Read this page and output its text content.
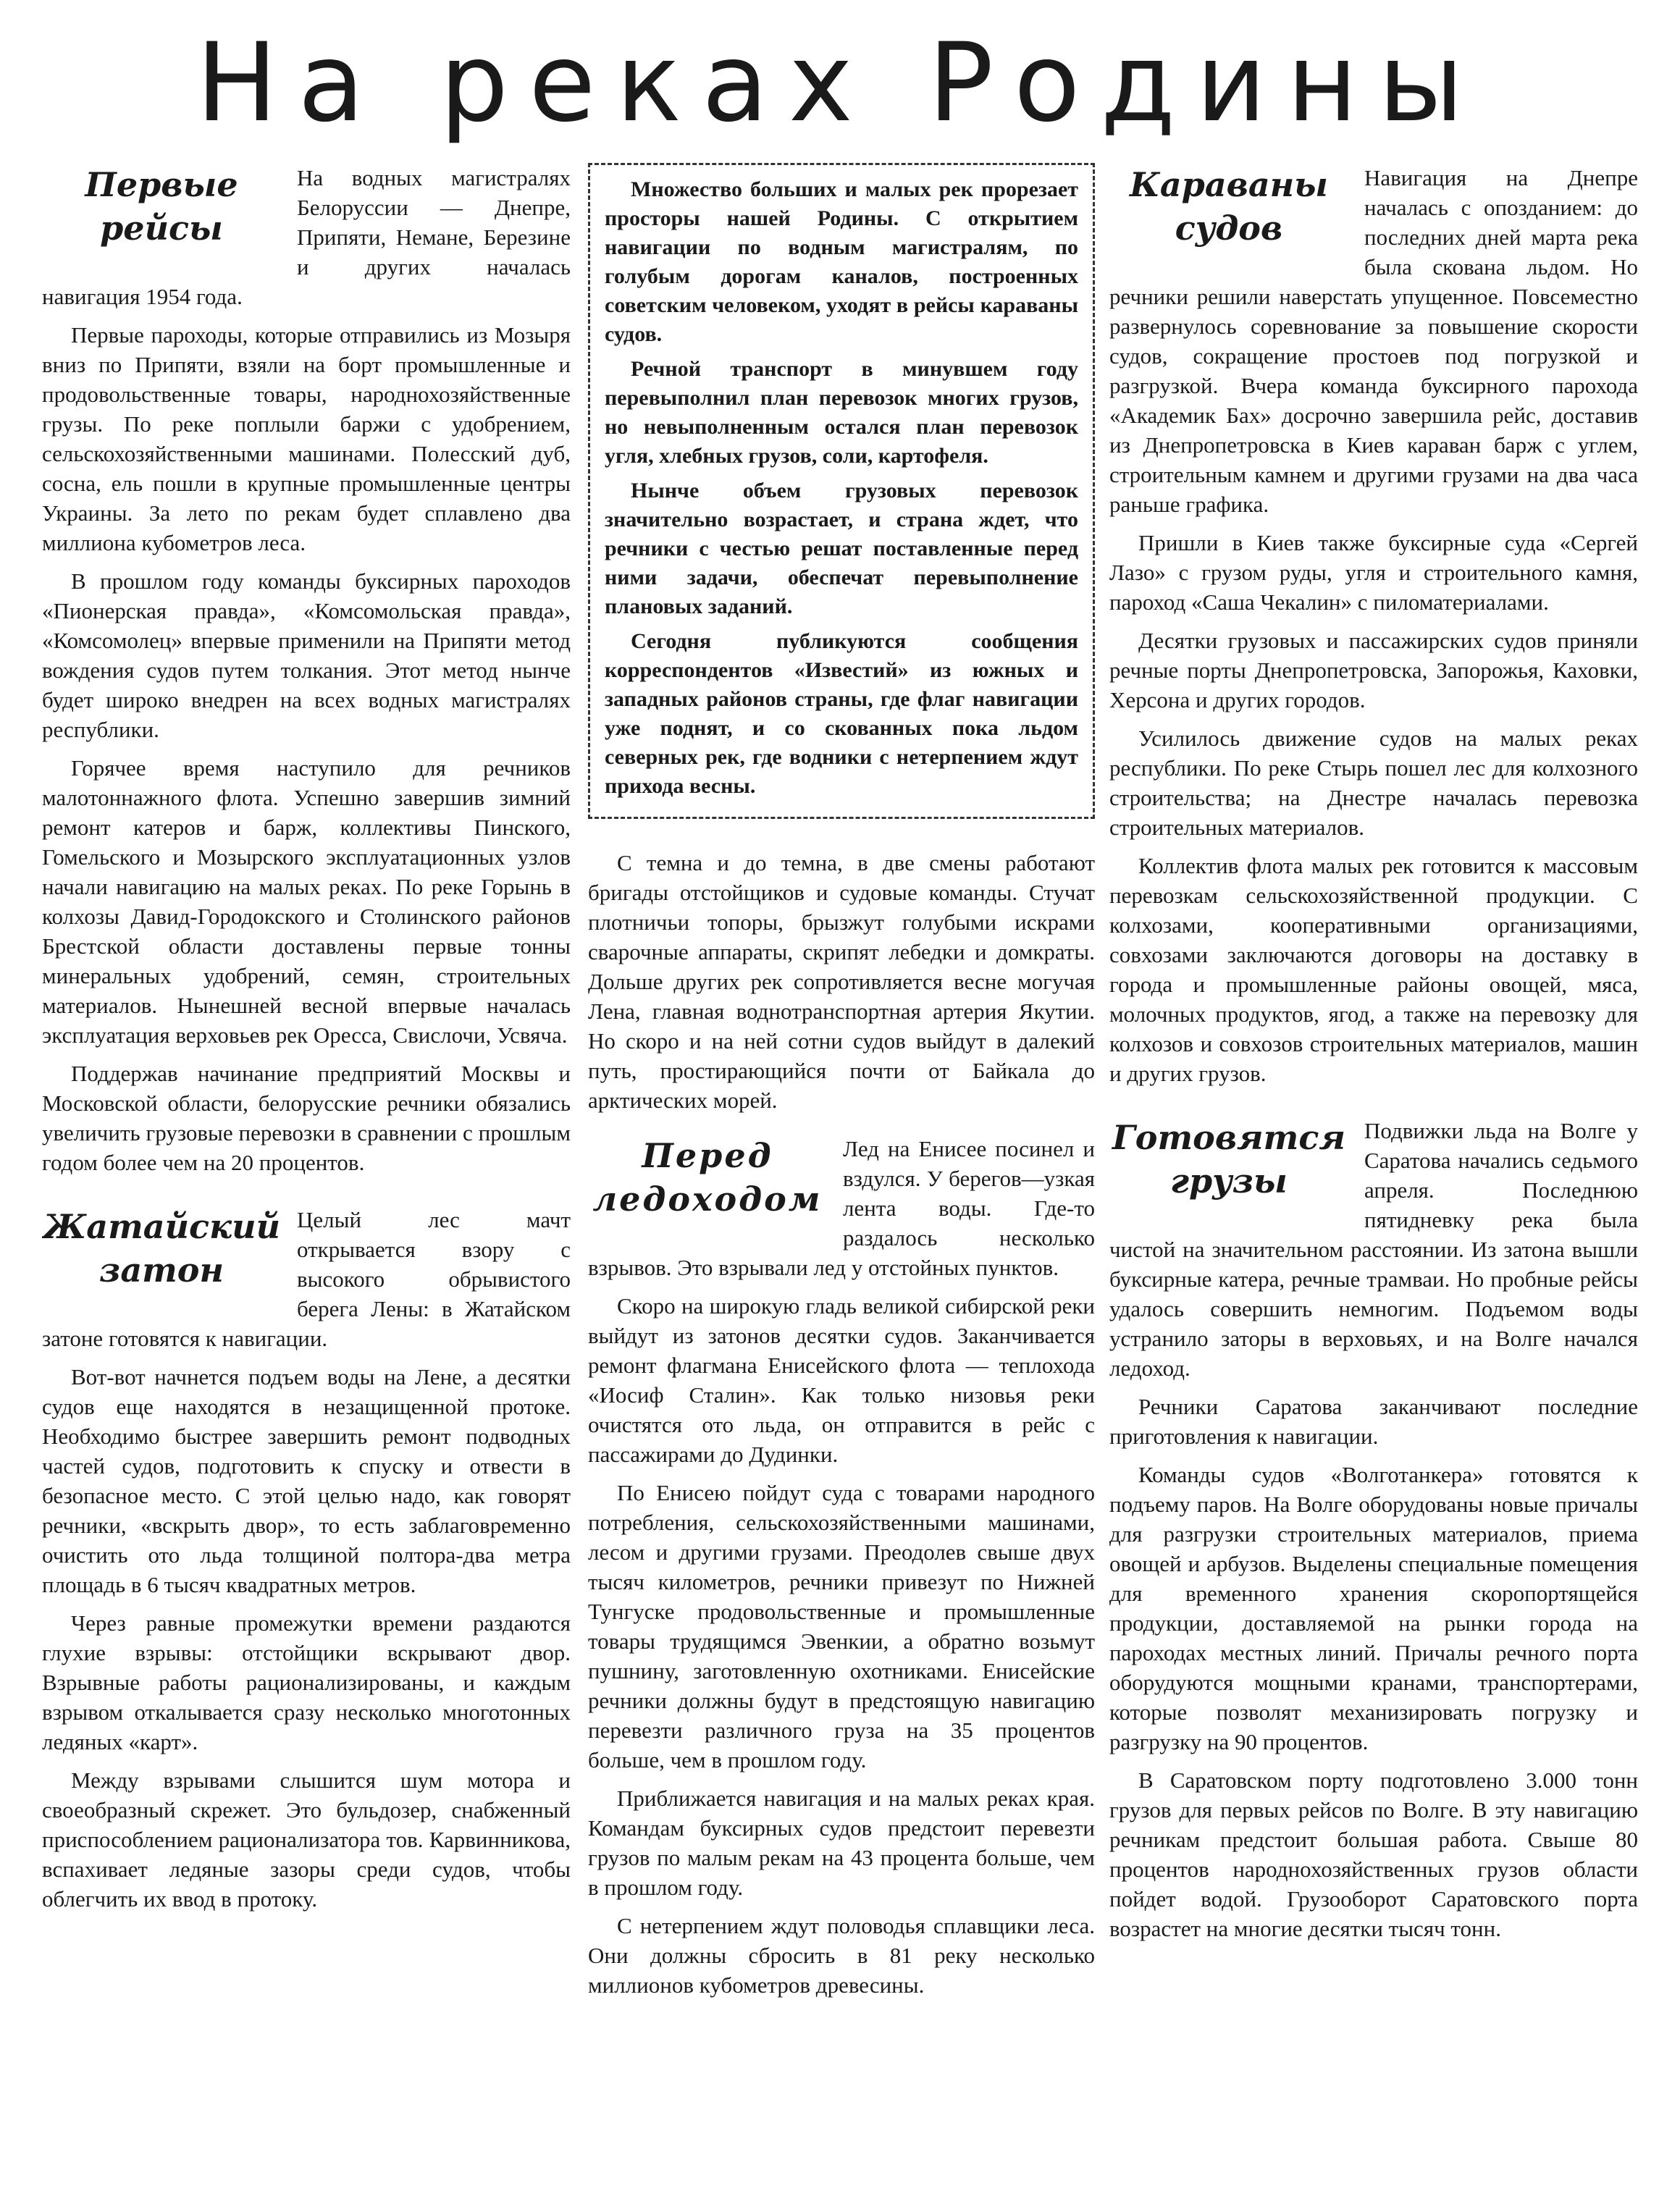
На реках Родины
Первые рейсы

На водных магистралях Белоруссии — Днепре, Припяти, Немане, Березине и других началась навигация 1954 года.

Первые пароходы, которые отправились из Мозыря вниз по Припяти, взяли на борт промышленные и продовольственные товары, народнохозяйственные грузы. По реке поплыли баржи с удобрением, сельскохозяйственными машинами. Полесский дуб, сосна, ель пошли в крупные промышленные центры Украины. За лето по рекам будет сплавлено два миллиона кубометров леса.

В прошлом году команды буксирных пароходов «Пионерская правда», «Комсомольская правда», «Комсомолец» впервые применили на Припяти метод вождения судов путем толкания. Этот метод нынче будет широко внедрен на всех водных магистралях республики.

Горячее время наступило для речников малотоннажного флота. Успешно завершив зимний ремонт катеров и барж, коллективы Пинского, Гомельского и Мозырского эксплуатационных узлов начали навигацию на малых реках. По реке Горынь в колхозы Давид-Городокского и Столинского районов Брестской области доставлены первые тонны минеральных удобрений, семян, строительных материалов. Нынешней весной впервые началась эксплуатация верховьев рек Оресса, Свислочи, Усвяча.

Поддержав начинание предприятий Москвы и Московской области, белорусские речники обязались увеличить грузовые перевозки в сравнении с прошлым годом более чем на 20 процентов.

Жатайский затон

Целый лес мачт открывается взору с высокого обрывистого берега Лены: в Жатайском затоне готовятся к навигации.

Вот-вот начнется подъем воды на Лене, а десятки судов еще находятся в незащищенной протоке. Необходимо быстрее завершить ремонт подводных частей судов, подготовить к спуску и отвести в безопасное место. С этой целью надо, как говорят речники, «вскрыть двор», то есть заблаговременно очистить ото льда толщиной полтора-два метра площадь в 6 тысяч квадратных метров.

Через равные промежутки времени раздаются глухие взрывы: отстойщики вскрывают двор. Взрывные работы рационализированы, и каждым взрывом откалывается сразу несколько многотонных ледяных «карт».

Между взрывами слышится шум мотора и своеобразный скрежет. Это бульдозер, снабженный приспособлением рационализатора тов. Карвинникова, вспахивает ледяные зазоры среди судов, чтобы облегчить их ввод в протоку.

Множество больших и малых рек прорезает просторы нашей Родины. С открытием навигации по водным магистралям, по голубым дорогам каналов, построенных советским человеком, уходят в рейсы караваны судов.

Речной транспорт в минувшем году перевыполнил план перевозок многих грузов, но невыполненным остался план перевозок угля, хлебных грузов, соли, картофеля.

Нынче объем грузовых перевозок значительно возрастает, и страна ждет, что речники с честью решат поставленные перед ними задачи, обеспечат перевыполнение плановых заданий.

Сегодня публикуются сообщения корреспондентов «Известий» из южных и западных районов страны, где флаг навигации уже поднят, и со скованных пока льдом северных рек, где водники с нетерпением ждут прихода весны.

С темна и до темна, в две смены работают бригады отстойщиков и судовые команды. Стучат плотничьи топоры, брызжут голубыми искрами сварочные аппараты, скрипят лебедки и домкраты. Дольше других рек сопротивляется весне могучая Лена, главная воднотранспортная артерия Якутии. Но скоро и на ней сотни судов выйдут в далекий путь, простирающийся почти от Байкала до арктических морей.

Перед ледоходом

Лед на Енисее посинел и вздулся. У берегов—узкая лента воды. Где-то раздалось несколько взрывов. Это взрывали лед у отстойных пунктов.

Скоро на широкую гладь великой сибирской реки выйдут из затонов десятки судов. Заканчивается ремонт флагмана Енисейского флота — теплохода «Иосиф Сталин». Как только низовья реки очистятся ото льда, он отправится в рейс с пассажирами до Дудинки.

По Енисею пойдут суда с товарами народного потребления, сельскохозяйственными машинами, лесом и другими грузами. Преодолев свыше двух тысяч километров, речники привезут по Нижней Тунгуске продовольственные и промышленные товары трудящимся Эвенкии, а обратно возьмут пушнину, заготовленную охотниками. Енисейские речники должны будут в предстоящую навигацию перевезти различного груза на 35 процентов больше, чем в прошлом году.

Приближается навигация и на малых реках края. Командам буксирных судов предстоит перевезти грузов по малым рекам на 43 процента больше, чем в прошлом году.

С нетерпением ждут половодья сплавщики леса. Они должны сбросить в 81 реку несколько миллионов кубометров древесины.

Караваны судов

Навигация на Днепре началась с опозданием: до последних дней марта река была скована льдом. Но речники решили наверстать упущенное. Повсеместно развернулось соревнование за повышение скорости судов, сокращение простоев под погрузкой и разгрузкой. Вчера команда буксирного парохода «Академик Бах» досрочно завершила рейс, доставив из Днепропетровска в Киев караван барж с углем, строительным камнем и другими грузами на два часа раньше графика.

Пришли в Киев также буксирные суда «Сергей Лазо» с грузом руды, угля и строительного камня, пароход «Саша Чекалин» с пиломатериалами.

Десятки грузовых и пассажирских судов приняли речные порты Днепропетровска, Запорожья, Каховки, Херсона и других городов.

Усилилось движение судов на малых реках республики. По реке Стырь пошел лес для колхозного строительства; на Днестре началась перевозка строительных материалов.

Коллектив флота малых рек готовится к массовым перевозкам сельскохозяйственной продукции. С колхозами, кооперативными организациями, совхозами заключаются договоры на доставку в города и промышленные районы овощей, мяса, молочных продуктов, ягод, а также на перевозку для колхозов и совхозов строительных материалов, машин и других грузов.

Готовятся грузы

Подвижки льда на Волге у Саратова начались седьмого апреля. Последнюю пятидневку река была чистой на значительном расстоянии. Из затона вышли буксирные катера, речные трамваи. Но пробные рейсы удалось совершить немногим. Подъемом воды устранило заторы в верховьях, и на Волге начался ледоход.

Речники Саратова заканчивают последние приготовления к навигации.

Команды судов «Волготанкера» готовятся к подъему паров. На Волге оборудованы новые причалы для разгрузки строительных материалов, приема овощей и арбузов. Выделены специальные помещения для временного хранения скоропортящейся продукции, доставляемой на рынки города на пароходах местных линий. Причалы речного порта оборудуются мощными кранами, транспортерами, которые позволят механизировать погрузку и разгрузку на 90 процентов.

В Саратовском порту подготовлено 3.000 тонн грузов для первых рейсов по Волге. В эту навигацию речникам предстоит большая работа. Свыше 80 процентов народнохозяйственных грузов области пойдет водой. Грузооборот Саратовского порта возрастет на многие десятки тысяч тонн.
